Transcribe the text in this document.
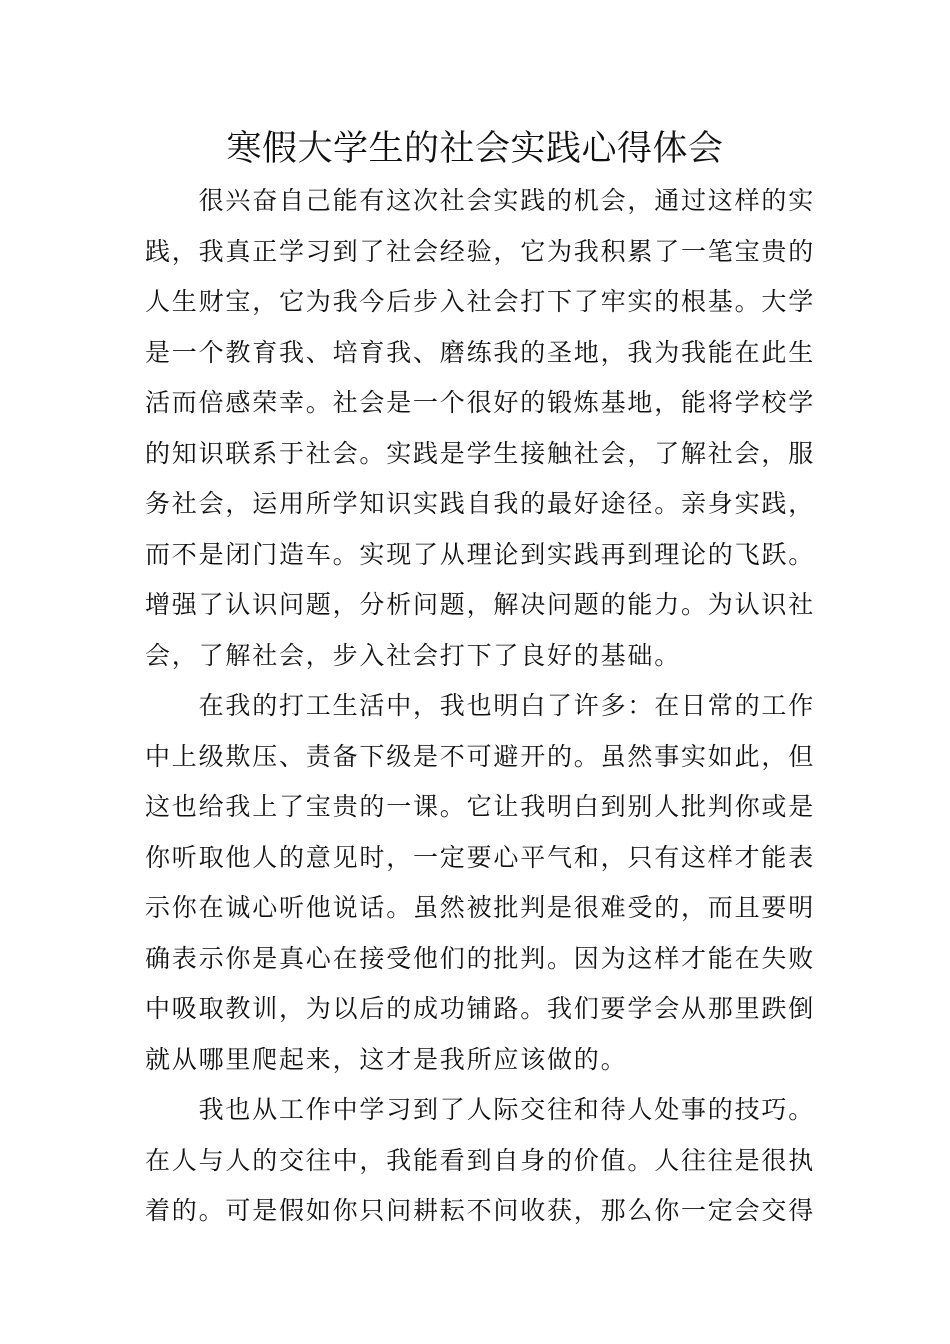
寒假大学生的社会实践心得体会
　　很兴奋自己能有这次社会实践的机会，通过这样的实
践，我真正学习到了社会经验，它为我积累了一笔宝贵的
人生财宝，它为我今后步入社会打下了牢实的根基。大学
是一个教育我、培育我、磨练我的圣地，我为我能在此生
活而倍感荣幸。社会是一个很好的锻炼基地，能将学校学
的知识联系于社会。实践是学生接触社会，了解社会，服
务社会，运用所学知识实践自我的最好途径。亲身实践，
而不是闭门造车。实现了从理论到实践再到理论的飞跃。
增强了认识问题，分析问题，解决问题的能力。为认识社
会，了解社会，步入社会打下了良好的基础。
　　在我的打工生活中，我也明白了许多：在日常的工作
中上级欺压、责备下级是不可避开的。虽然事实如此，但
这也给我上了宝贵的一课。它让我明白到别人批判你或是
你听取他人的意见时，一定要心平气和，只有这样才能表
示你在诚心听他说话。虽然被批判是很难受的，而且要明
确表示你是真心在接受他们的批判。因为这样才能在失败
中吸取教训，为以后的成功铺路。我们要学会从那里跌倒
就从哪里爬起来，这才是我所应该做的。
　　我也从工作中学习到了人际交往和待人处事的技巧。
在人与人的交往中，我能看到自身的价值。人往往是很执
着的。可是假如你只问耕耘不问收获，那么你一定会交得
